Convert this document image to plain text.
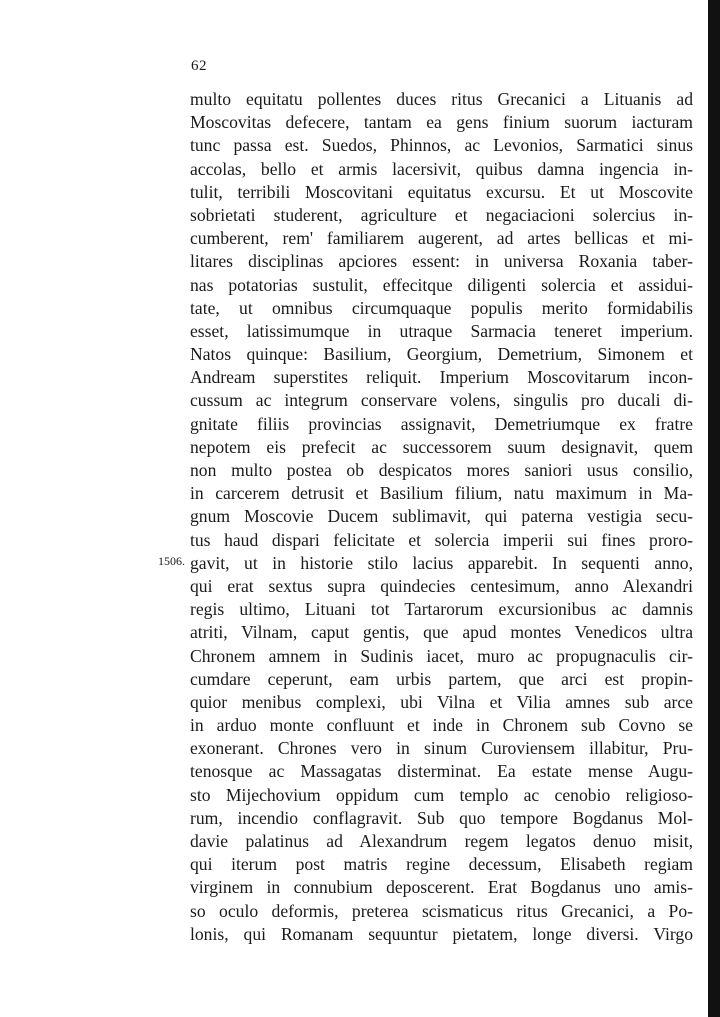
62
1506.
multo equitatu pollentes duces ritus Grecanici a Lituanis ad
Moscovitas defecere, tantam ea gens finium suorum iacturam
tunc passa est. Suedos, Phinnos, ac Levonios, Sarmatici sinus
accolas, bello et armis lacersivit, quibus damna ingencia in-
tulit, terribili Moscovitani equitatus excursu. Et ut Moscovite
sobrietati studerent, agriculture et negaciacioni solercius in-
cumberent, rem' familiarem augerent, ad artes bellicas et mi-
litares disciplinas apciores essent: in universa Roxania taber-
nas potatorias sustulit, effecitque diligenti solercia et assidui-
tate, ut omnibus circumquaque populis merito formidabilis
esset, latissimumque in utraque Sarmacia teneret imperium.
Natos quinque: Basilium, Georgium, Demetrium, Simonem et
Andream superstites reliquit. Imperium Moscovitarum incon-
cussum ac integrum conservare volens, singulis pro ducali di-
gnitate filiis provincias assignavit, Demetriumque ex fratre
nepotem eis prefecit ac successorem suum designavit, quem
non multo postea ob despicatos mores saniori usus consilio,
in carcerem detrusit et Basilium filium, natu maximum in Ma-
gnum Moscovie Ducem sublimavit, qui paterna vestigia secu-
tus haud dispari felicitate et solercia imperii sui fines proro-
gavit, ut in historie stilo lacius apparebit. In sequenti anno,
qui erat sextus supra quindecies centesimum, anno Alexandri
regis ultimo, Lituani tot Tartarorum excursionibus ac damnis
atriti, Vilnam, caput gentis, que apud montes Venedicos ultra
Chronem amnem in Sudinis iacet, muro ac propugnaculis cir-
cumdare ceperunt, eam urbis partem, que arci est propin-
quior menibus complexi, ubi Vilna et Vilia amnes sub arce
in arduo monte confluunt et inde in Chronem sub Covno se
exonerant. Chrones vero in sinum Curoviensem illabitur, Pru-
tenosque ac Massagatas disterminat. Ea estate mense Augu-
sto Mijechovium oppidum cum templo ac cenobio religioso-
rum, incendio conflagravit. Sub quo tempore Bogdanus Mol-
davie palatinus ad Alexandrum regem legatos denuo misit,
qui iterum post matris regine decessum, Elisabeth regiam
virginem in connubium deposcerent. Erat Bogdanus uno amis-
so oculo deformis, preterea scismaticus ritus Grecanici, a Po-
lonis, qui Romanam sequuntur pietatem, longe diversi. Virgo
